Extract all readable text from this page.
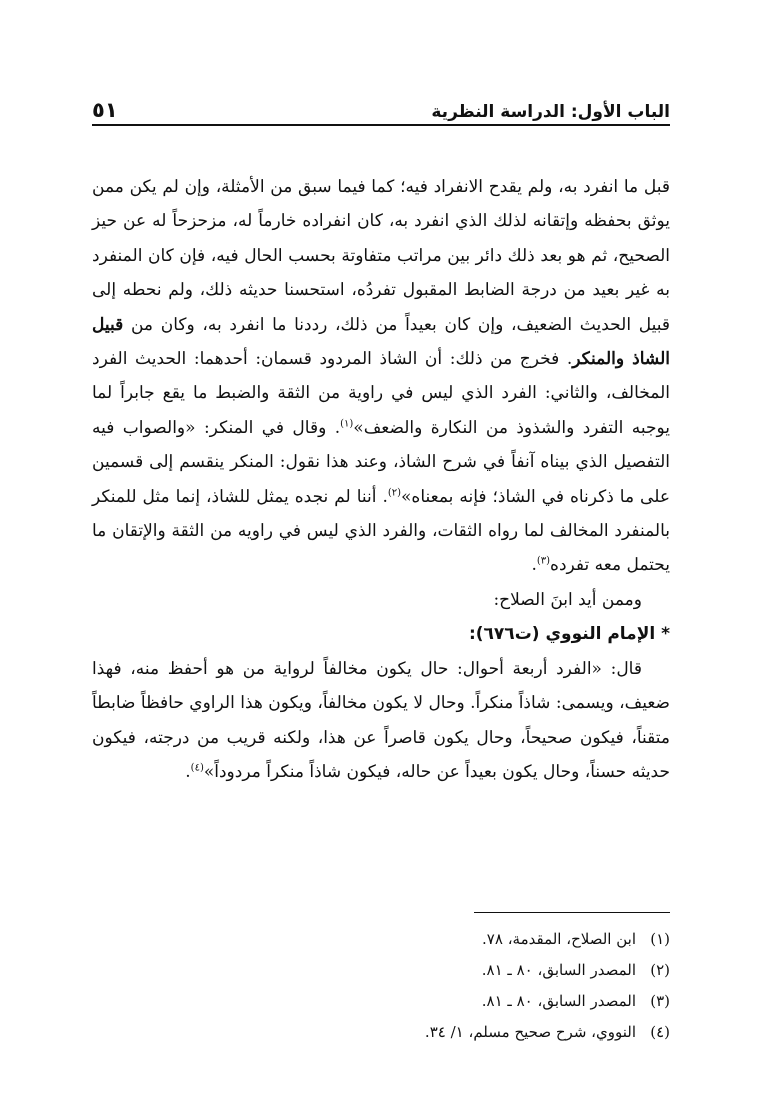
الباب الأول: الدراسة النظرية
٥١

قبل ما انفرد به، ولم يقدح الانفراد فيه؛ كما فيما سبق من الأمثلة، وإن لم يكن ممن يوثق بحفظه وإتقانه لذلك الذي انفرد به، كان انفراده خارماً له، مزحزحاً له عن حيز الصحيح، ثم هو بعد ذلك دائر بين مراتب متفاوتة بحسب الحال فيه، فإن كان المنفرد به غير بعيد من درجة الضابط المقبول تفردُه، استحسنا حديثه ذلك، ولم نحطه إلى قبيل الحديث الضعيف، وإن كان بعيداً من ذلك، رددنا ما انفرد به، وكان من قبيل الشاذ والمنكر. فخرج من ذلك: أن الشاذ المردود قسمان: أحدهما: الحديث الفرد المخالف، والثاني: الفرد الذي ليس في راوية من الثقة والضبط ما يقع جابراً لما يوجبه التفرد والشذوذ من النكارة والضعف»$^{(١)}$. وقال في المنكر: «والصواب فيه التفصيل الذي بيناه آنفاً في شرح الشاذ، وعند هذا نقول: المنكر ينقسم إلى قسمين على ما ذكرناه في الشاذ؛ فإنه بمعناه»$^{(٢)}$. أننا لم نجده يمثل للشاذ، إنما مثل للمنكر بالمنفرد المخالف لما رواه الثقات، والفرد الذي ليس في راويه من الثقة والإتقان ما يحتمل معه تفرده$^{(٣)}$.

وممن أيد ابنَ الصلاح:

* الإمام النووي (ت٦٧٦):

قال: «الفرد أربعة أحوال: حال يكون مخالفاً لرواية من هو أحفظ منه، فهذا ضعيف، ويسمى: شاذاً منكراً. وحال لا يكون مخالفاً، ويكون هذا الراوي حافظاً ضابطاً متقناً، فيكون صحيحاً، وحال يكون قاصراً عن هذا، ولكنه قريب من درجته، فيكون حديثه حسناً، وحال يكون بعيداً عن حاله، فيكون شاذاً منكراً مردوداً»$^{(٤)}$.

(١)
ابن الصلاح، المقدمة، ٧٨.
(٢)
المصدر السابق، ٨٠ ـ ٨١.
(٣)
المصدر السابق، ٨٠ ـ ٨١.
(٤)
النووي، شرح صحيح مسلم، ١/ ٣٤.
